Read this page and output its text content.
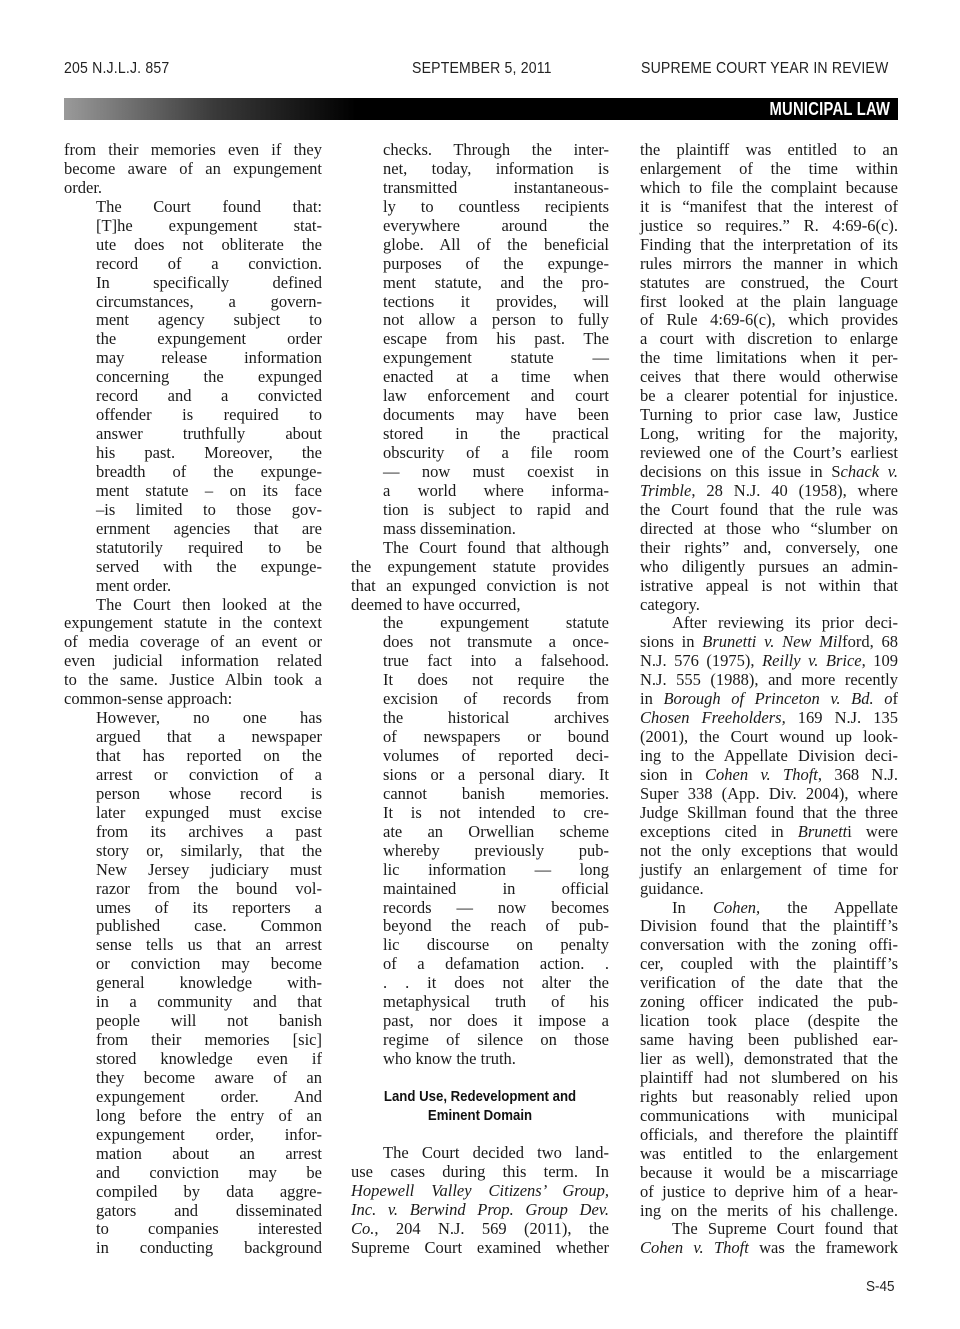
205 N.J.L.J. 857	SEPTEMBER 5, 2011	SUPREME COURT YEAR IN REVIEW
MUNICIPAL LAW
from their memories even if they
become aware of an expungement
order.
The Court found that:
[T]he expungement stat-
ute does not obliterate the
record of a conviction.
In specifically defined
circumstances, a govern-
ment agency subject to
the expungement order
may release information
concerning the expunged
record and a convicted
offender is required to
answer truthfully about
his past. Moreover, the
breadth of the expunge-
ment statute – on its face
–is limited to those gov-
ernment agencies that are
statutorily required to be
served with the expunge-
ment order.
The Court then looked at the
expungement statute in the context
of media coverage of an event or
even judicial information related
to the same. Justice Albin took a
common-sense approach:
However, no one has
argued that a newspaper
that has reported on the
arrest or conviction of a
person whose record is
later expunged must excise
from its archives a past
story or, similarly, that the
New Jersey judiciary must
razor from the bound vol-
umes of its reporters a
published case. Common
sense tells us that an arrest
or conviction may become
general knowledge with-
in a community and that
people will not banish
from their memories [sic]
stored knowledge even if
they become aware of an
expungement order. And
long before the entry of an
expungement order, infor-
mation about an arrest
and conviction may be
compiled by data aggre-
gators and disseminated
to companies interested
in conducting background
checks. Through the inter-
net, today, information is
transmitted instantaneous-
ly to countless recipients
everywhere around the
globe. All of the beneficial
purposes of the expunge-
ment statute, and the pro-
tections it provides, will
not allow a person to fully
escape from his past. The
expungement statute —
enacted at a time when
law enforcement and court
documents may have been
stored in the practical
obscurity of a file room
— now must coexist in
a world where informa-
tion is subject to rapid and
mass dissemination.
The Court found that although
the expungement statute provides
that an expunged conviction is not
deemed to have occurred,
the expungement statute
does not transmute a once-
true fact into a falsehood.
It does not require the
excision of records from
the historical archives
of newspapers or bound
volumes of reported deci-
sions or a personal diary. It
cannot banish memories.
It is not intended to cre-
ate an Orwellian scheme
whereby previously pub-
lic information — long
maintained in official
records — now becomes
beyond the reach of pub-
lic discourse on penalty
of a defamation action. .
. . it does not alter the
metaphysical truth of his
past, nor does it impose a
regime of silence on those
who know the truth.
Land Use, Redevelopment and
Eminent Domain
The Court decided two land-
use cases during this term. In
Hopewell Valley Citizens’ Group,
Inc. v. Berwind Prop. Group Dev.
Co., 204 N.J. 569 (2011), the
Supreme Court examined whether
the plaintiff was entitled to an
enlargement of the time within
which to file the complaint because
it is “manifest that the interest of
justice so requires.” R. 4:69-6(c).
Finding that the interpretation of its
rules mirrors the manner in which
statutes are construed, the Court
first looked at the plain language
of Rule 4:69-6(c), which provides
a court with discretion to enlarge
the time limitations when it per-
ceives that there would otherwise
be a clearer potential for injustice.
Turning to prior case law, Justice
Long, writing for the majority,
reviewed one of the Court’s earliest
decisions on this issue in Schack v.
Trimble, 28 N.J. 40 (1958), where
the Court found that the rule was
directed at those who “slumber on
their rights” and, conversely, one
who diligently pursues an admin-
istrative appeal is not within that
category.
After reviewing its prior deci-
sions in Brunetti v. New Milford, 68
N.J. 576 (1975), Reilly v. Brice, 109
N.J. 555 (1988), and more recently
in Borough of Princeton v. Bd. of
Chosen Freeholders, 169 N.J. 135
(2001), the Court wound up look-
ing to the Appellate Division deci-
sion in Cohen v. Thoft, 368 N.J.
Super 338 (App. Div. 2004), where
Judge Skillman found that the three
exceptions cited in Brunetti were
not the only exceptions that would
justify an enlargement of time for
guidance.
In Cohen, the Appellate
Division found that the plaintiff’s
conversation with the zoning offi-
cer, coupled with the plaintiff’s
verification of the date that the
zoning officer indicated the pub-
lication took place (despite the
same having been published ear-
lier as well), demonstrated that the
plaintiff had not slumbered on his
rights but reasonably relied upon
communications with municipal
officials, and therefore the plaintiff
was entitled to the enlargement
because it would be a miscarriage
of justice to deprive him of a hear-
ing on the merits of his challenge.
The Supreme Court found that
Cohen v. Thoft was the framework
S-45
